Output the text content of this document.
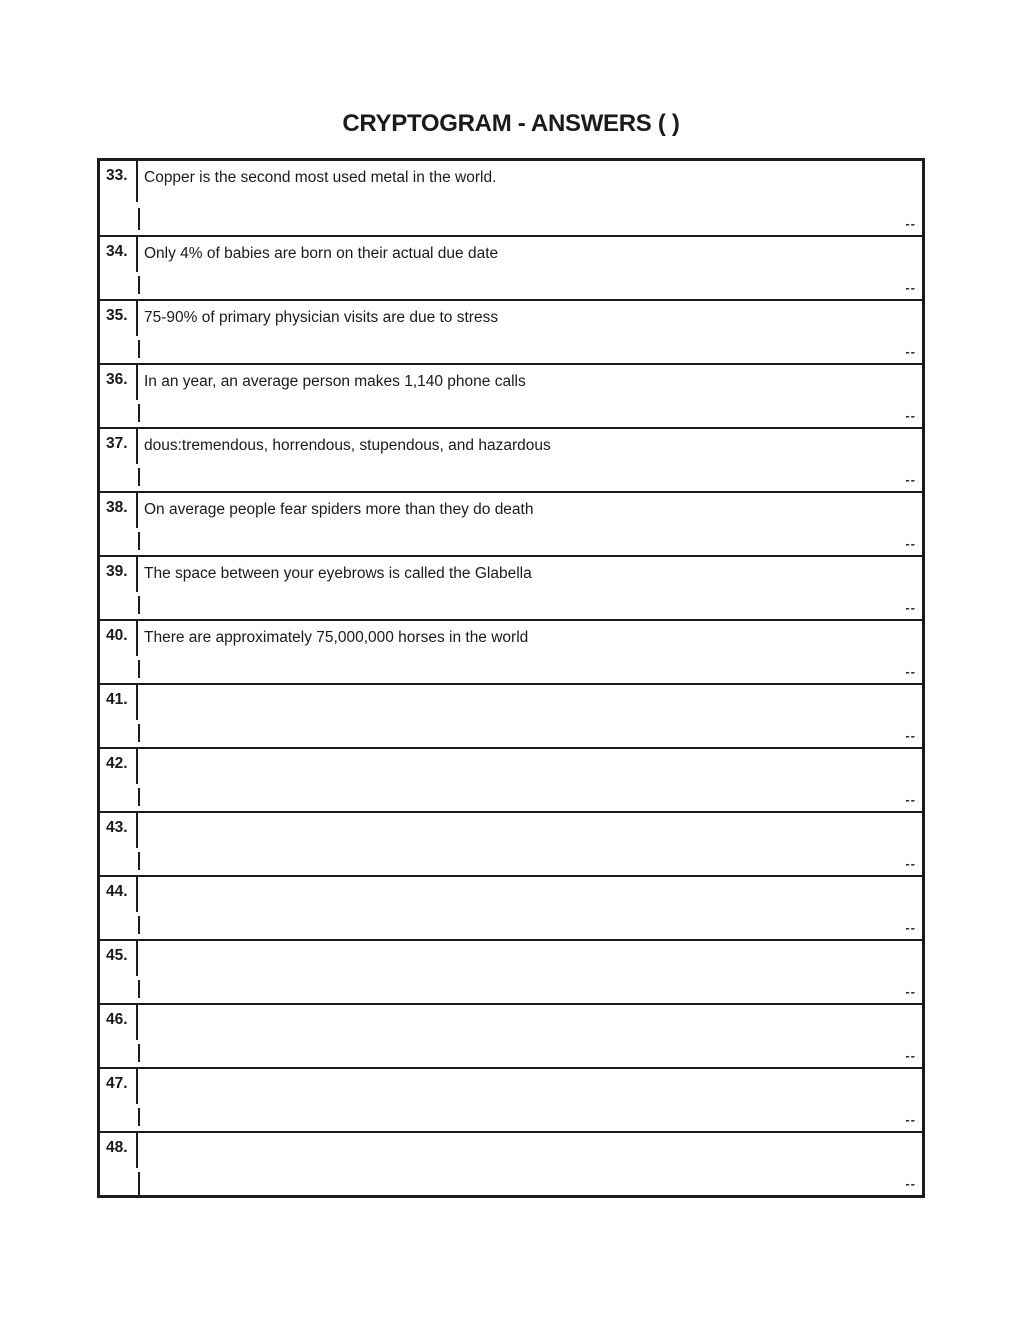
CRYPTOGRAM - ANSWERS ( )
33.	Copper is the second most used metal in the world.
--
34.	Only 4% of babies are born on their actual due date
--
35.	75-90% of primary physician visits are due to stress
--
36.	In an year, an average person makes 1,140 phone calls
--
37.	dous:tremendous, horrendous, stupendous, and hazardous
--
38.	On average people fear spiders more than they do death
--
39.	The space between your eyebrows is called the Glabella
--
40.	There are approximately 75,000,000 horses in the world
--
41.
--
42.
--
43.
--
44.
--
45.
--
46.
--
47.
--
48.
--
